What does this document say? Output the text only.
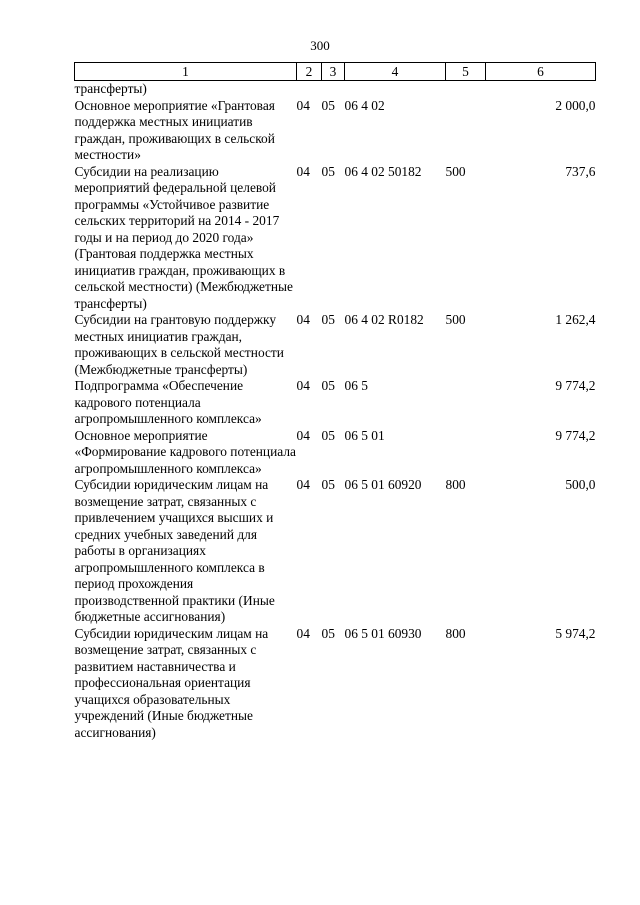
300
1	2	3	4	5	6
трансферты)					
Основное мероприятие «Грантовая поддержка местных инициатив граждан, проживающих в сельской местности»	04	05	06 4 02		2 000,0
Субсидии на реализацию мероприятий федеральной целевой программы «Устойчивое развитие сельских территорий на 2014 - 2017 годы и на период до 2020 года» (Грантовая поддержка местных инициатив граждан, проживающих в сельской местности) (Межбюджетные трансферты)	04	05	06 4 02 50182	500	737,6
Субсидии на грантовую поддержку местных инициатив граждан, проживающих в сельской местности (Межбюджетные трансферты)	04	05	06 4 02 R0182	500	1 262,4
Подпрограмма «Обеспечение кадрового потенциала агропромышленного комплекса»	04	05	06 5		9 774,2
Основное мероприятие «Формирование кадрового потенциала агропромышленного комплекса»	04	05	06 5 01		9 774,2
Субсидии юридическим лицам на возмещение затрат, связанных с привлечением учащихся высших и средних учебных заведений для работы в организациях агропромышленного комплекса в период прохождения производственной практики (Иные бюджетные ассигнования)	04	05	06 5 01 60920	800	500,0
Субсидии юридическим лицам на возмещение затрат, связанных с развитием наставничества и профессиональная ориентация учащихся образовательных учреждений (Иные бюджетные ассигнования)	04	05	06 5 01 60930	800	5 974,2
